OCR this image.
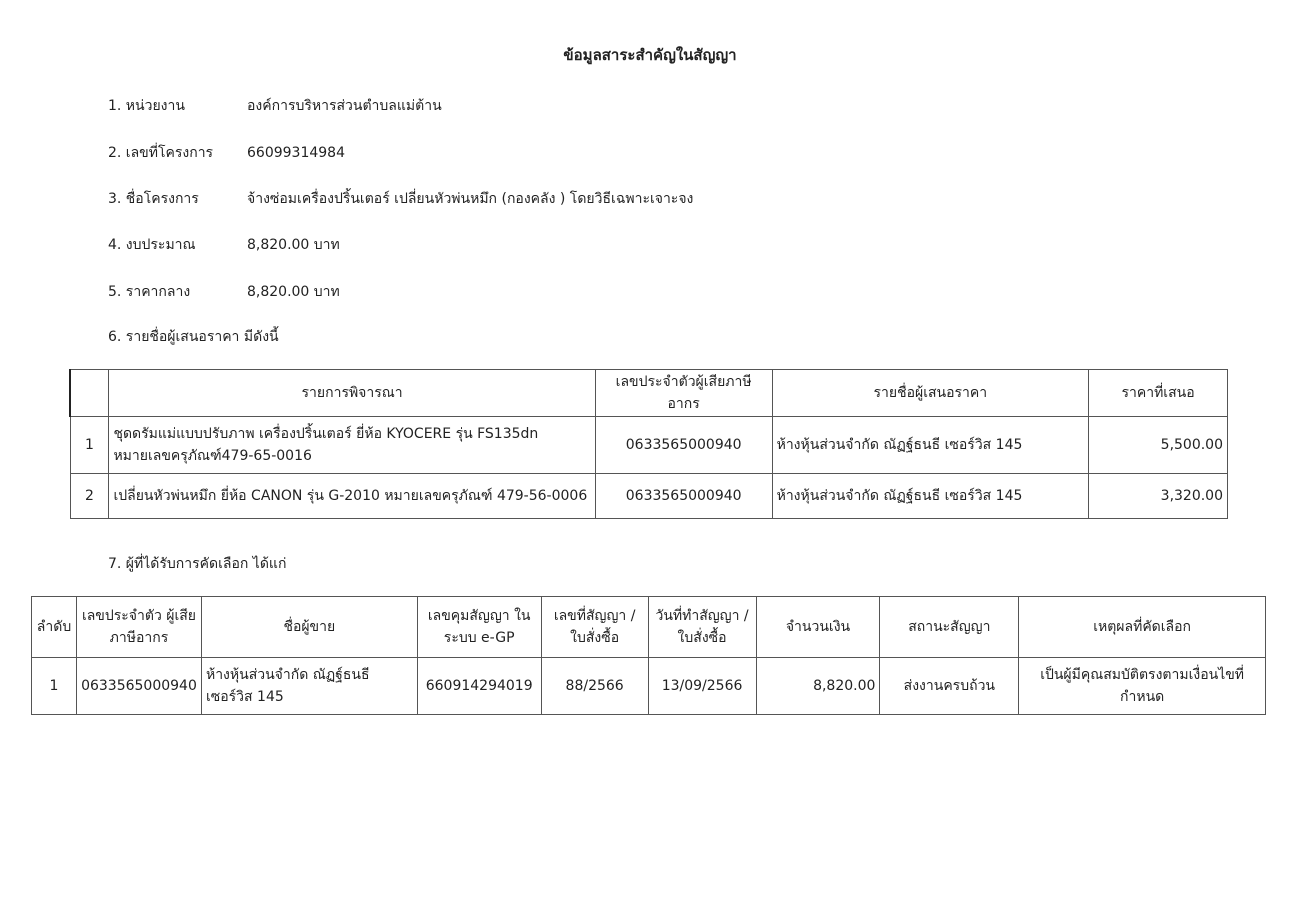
ข้อมูลสาระสำคัญในสัญญา
1. หน่วยงาน	องค์การบริหารส่วนตำบลแม่ต้าน
2. เลขที่โครงการ 66099314984
3. ชื่อโครงการ	จ้างซ่อมเครื่องปริ้นเตอร์ เปลี่ยนหัวพ่นหมึก (กองคลัง ) โดยวิธีเฉพาะเจาะจง
4. งบประมาณ	8,820.00 บาท
5. ราคากลาง	8,820.00 บาท
6. รายชื่อผู้เสนอราคา มีดังนี้
	รายการพิจารณา	เลขประจำตัวผู้เสียภาษีอากร	รายชื่อผู้เสนอราคา	ราคาที่เสนอ
1	ชุดดรัมแม่แบบปรับภาพ เครื่องปริ้นเตอร์ ยี่ห้อ KYOCERE รุ่น FS135dn หมายเลขครุภัณฑ์479-65-0016	0633565000940	ห้างหุ้นส่วนจำกัด ณัฏฐ์ธนธี เซอร์วิส 145	5,500.00
2	เปลี่ยนหัวพ่นหมึก ยี่ห้อ CANON รุ่น G-2010 หมายเลขครุภัณฑ์ 479-56-0006	0633565000940	ห้างหุ้นส่วนจำกัด ณัฏฐ์ธนธี เซอร์วิส 145	3,320.00
7. ผู้ที่ได้รับการคัดเลือก ได้แก่
ลำดับ	เลขประจำตัว ผู้เสียภาษีอากร	ชื่อผู้ขาย	เลขคุมสัญญา ในระบบ e-GP	เลขที่สัญญา / ใบสั่งซื้อ	วันที่ทำสัญญา / ใบสั่งซื้อ	จำนวนเงิน	สถานะสัญญา	เหตุผลที่คัดเลือก
1	0633565000940	ห้างหุ้นส่วนจำกัด ณัฏฐ์ธนธี เซอร์วิส 145	660914294019	88/2566	13/09/2566	8,820.00	ส่งงานครบถ้วน	เป็นผู้มีคุณสมบัติตรงตามเงื่อนไขที่กำหนด
